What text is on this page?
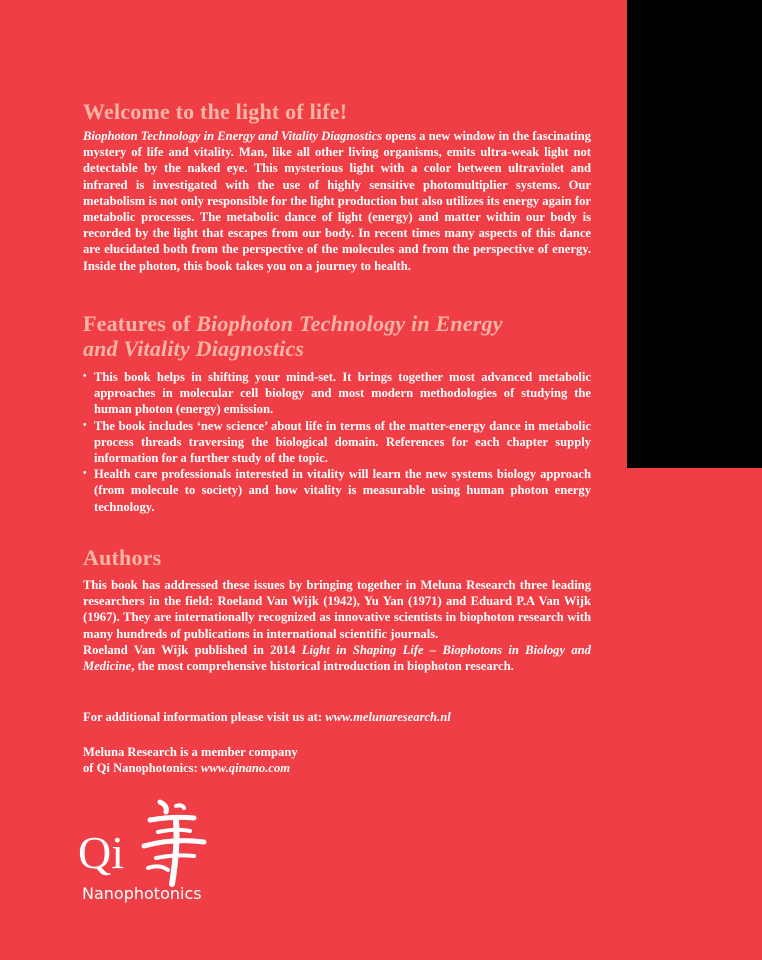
Welcome to the light of life!

Biophoton Technology in Energy and Vitality Diagnostics opens a new window in the fascinating mystery of life and vitality. Man, like all other living organisms, emits ultra-weak light not detectable by the naked eye. This mysterious light with a color between ultraviolet and infrared is investigated with the use of highly sensitive photomultiplier systems. Our metabolism is not only responsible for the light production but also utilizes its energy again for metabolic processes. The metabolic dance of light (energy) and matter within our body is recorded by the light that escapes from our body. In recent times many aspects of this dance are elucidated both from the perspective of the molecules and from the perspective of energy. Inside the photon, this book takes you on a journey to health.

Features of Biophoton Technology in Energy
and Vitality Diagnostics
• This book helps in shifting your mind-set. It brings together most advanced metabolic approaches in molecular cell biology and most modern methodologies of studying the human photon (energy) emission.
• The book includes ‘new science’ about life in terms of the matter-energy dance in metabolic process threads traversing the biological domain. References for each chapter supply information for a further study of the topic.
• Health care professionals interested in vitality will learn the new systems biology approach (from molecule to society) and how vitality is measurable using human photon energy technology.
Authors

This book has addressed these issues by bringing together in Meluna Research three leading researchers in the field: Roeland Van Wijk (1942), Yu Yan (1971) and Eduard P.A Van Wijk (1967). They are internationally recognized as innovative scientists in biophoton research with many hundreds of publications in international scientific journals.

Roeland Van Wijk published in 2014 Light in Shaping Life – Biophotons in Biology and Medicine, the most comprehensive historical introduction in biophoton research.

For additional information please visit us at: www.melunaresearch.nl

Meluna Research is a member company

of Qi Nanophotonics: www.qinano.com

Qi
Nanophotonics
